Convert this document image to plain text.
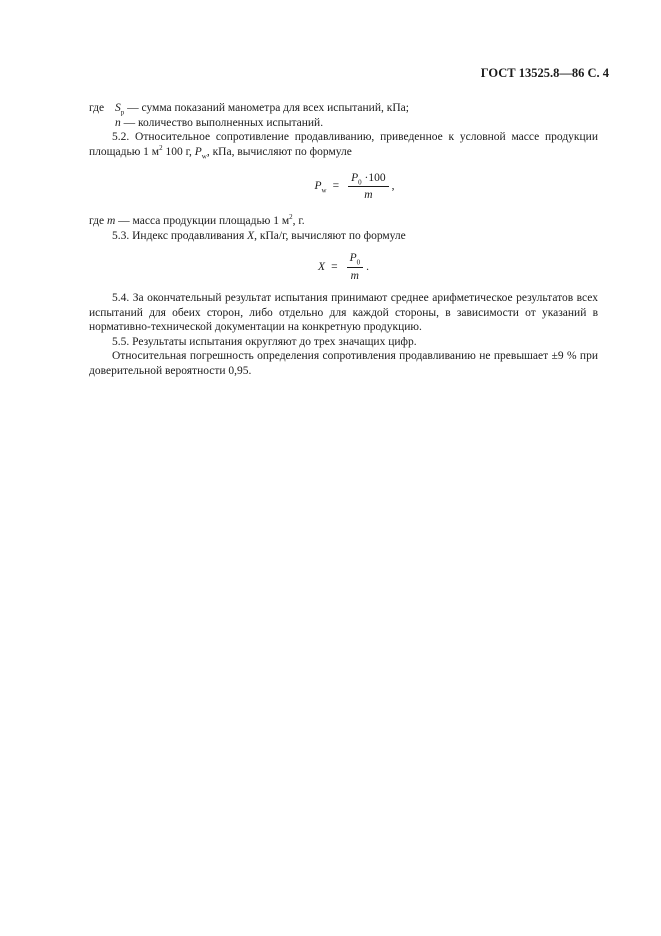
ГОСТ 13525.8—86 С. 4

где $S_p$ — сумма показаний манометра для всех испытаний, кПа;

n — количество выполненных испытаний.

5.2. Относительное сопротивление продавливанию, приведенное к условной массе продукции площадью 1 $м^2$ 100 г, $P_w$, кПа, вычисляют по формуле

$P_w = \frac{P_0 \cdot 100}{m}$ ,

где m — масса продукции площадью 1 $м^2$, г.

5.3. Индекс продавливания X, кПа/г, вычисляют по формуле

$X = \frac{P_0}{m}$ .

5.4. За окончательный результат испытания принимают среднее арифметическое результатов всех испытаний для обеих сторон, либо отдельно для каждой стороны, в зависимости от указаний в нормативно-технической документации на конкретную продукцию.

5.5. Результаты испытания округляют до трех значащих цифр.

Относительная погрешность определения сопротивления продавливанию не превышает ±9 % при доверительной вероятности 0,95.
